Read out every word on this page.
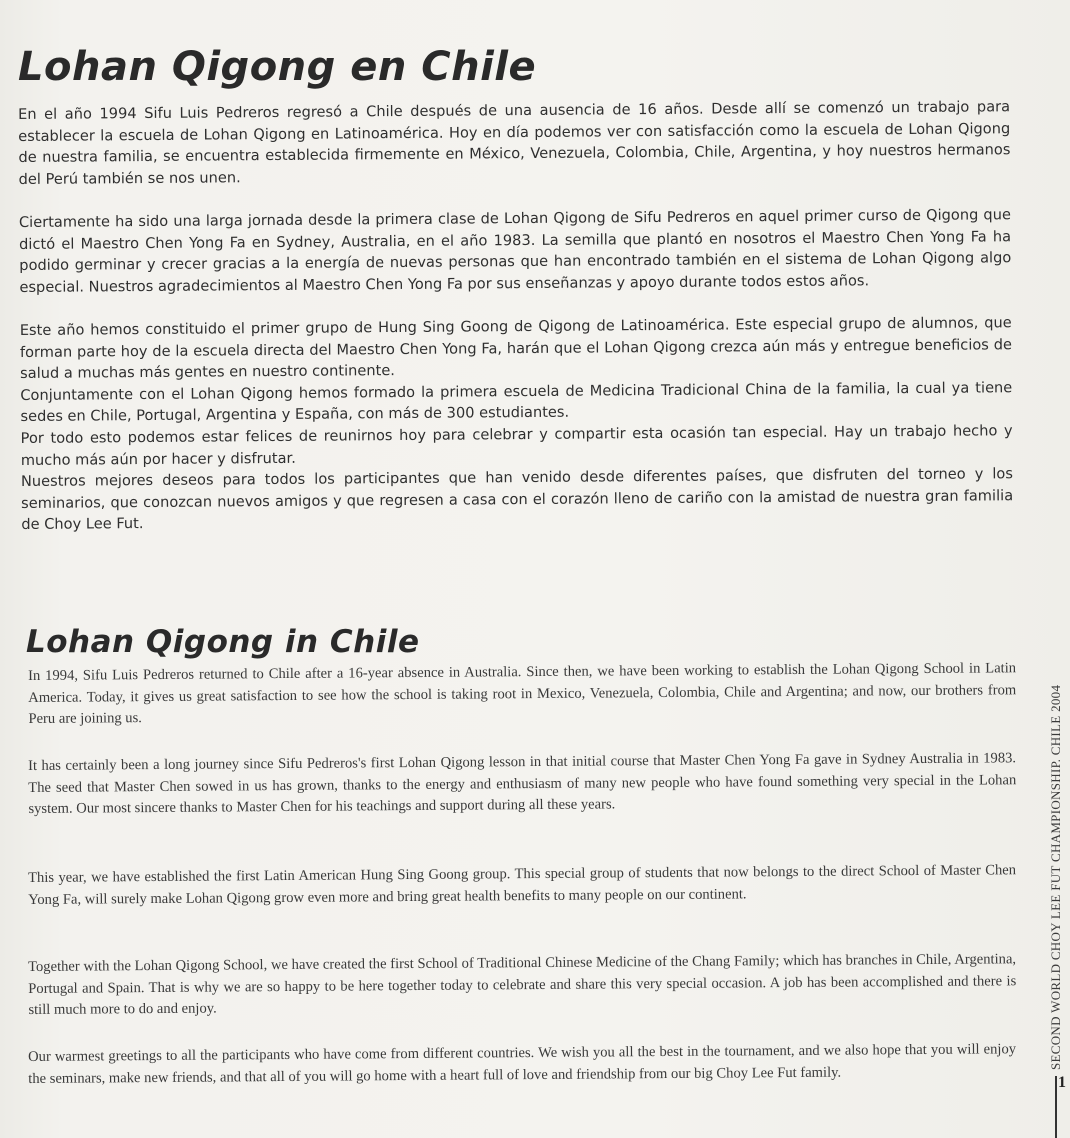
Lohan Qigong en Chile

En el año 1994 Sifu Luis Pedreros regresó a Chile después de una ausencia de 16 años. Desde allí se comenzó un trabajo para establecer la escuela de Lohan Qigong en Latinoamérica. Hoy en día podemos ver con satisfacción como la escuela de Lohan Qigong de nuestra familia, se encuentra establecida firmemente en México, Venezuela, Colombia, Chile, Argentina, y hoy nuestros hermanos del Perú también se nos unen.

Ciertamente ha sido una larga jornada desde la primera clase de Lohan Qigong de Sifu Pedreros en aquel primer curso de Qigong que dictó el Maestro Chen Yong Fa en Sydney, Australia, en el año 1983. La semilla que plantó en nosotros el Maestro Chen Yong Fa ha podido germinar y crecer gracias a la energía de nuevas personas que han encontrado también en el sistema de Lohan Qigong algo especial. Nuestros agradecimientos al Maestro Chen Yong Fa por sus enseñanzas y apoyo durante todos estos años.

Este año hemos constituido el primer grupo de Hung Sing Goong de Qigong de Latinoamérica. Este especial grupo de alumnos, que forman parte hoy de la escuela directa del Maestro Chen Yong Fa, harán que el Lohan Qigong crezca aún más y entregue beneficios de salud a muchas más gentes en nuestro continente.

Conjuntamente con el Lohan Qigong hemos formado la primera escuela de Medicina Tradicional China de la familia, la cual ya tiene sedes en Chile, Portugal, Argentina y España, con más de 300 estudiantes.

Por todo esto podemos estar felices de reunirnos hoy para celebrar y compartir esta ocasión tan especial. Hay un trabajo hecho y mucho más aún por hacer y disfrutar.

Nuestros mejores deseos para todos los participantes que han venido desde diferentes países, que disfruten del torneo y los seminarios, que conozcan nuevos amigos y que regresen a casa con el corazón lleno de cariño con la amistad de nuestra gran familia de Choy Lee Fut.

Lohan Qigong in Chile

In 1994, Sifu Luis Pedreros returned to Chile after a 16-year absence in Australia. Since then, we have been working to establish the Lohan Qigong School in Latin America. Today, it gives us great satisfaction to see how the school is taking root in Mexico, Venezuela, Colombia, Chile and Argentina; and now, our brothers from Peru are joining us.

It has certainly been a long journey since Sifu Pedreros's first Lohan Qigong lesson in that initial course that Master Chen Yong Fa gave in Sydney Australia in 1983. The seed that Master Chen sowed in us has grown, thanks to the energy and enthusiasm of many new people who have found something very special in the Lohan system. Our most sincere thanks to Master Chen for his teachings and support during all these years.

This year, we have established the first Latin American Hung Sing Goong group. This special group of students that now belongs to the direct School of Master Chen Yong Fa, will surely make Lohan Qigong grow even more and bring great health benefits to many people on our continent.

Together with the Lohan Qigong School, we have created the first School of Traditional Chinese Medicine of the Chang Family; which has branches in Chile, Argentina, Portugal and Spain. That is why we are so happy to be here together today to celebrate and share this very special occasion. A job has been accomplished and there is still much more to do and enjoy.

Our warmest greetings to all the participants who have come from different countries. We wish you all the best in the tournament, and we also hope that you will enjoy the seminars, make new friends, and that all of you will go home with a heart full of love and friendship from our big Choy Lee Fut family.

SECOND WORLD CHOY LEE FUT CHAMPIONSHIP. CHILE 2004
1
